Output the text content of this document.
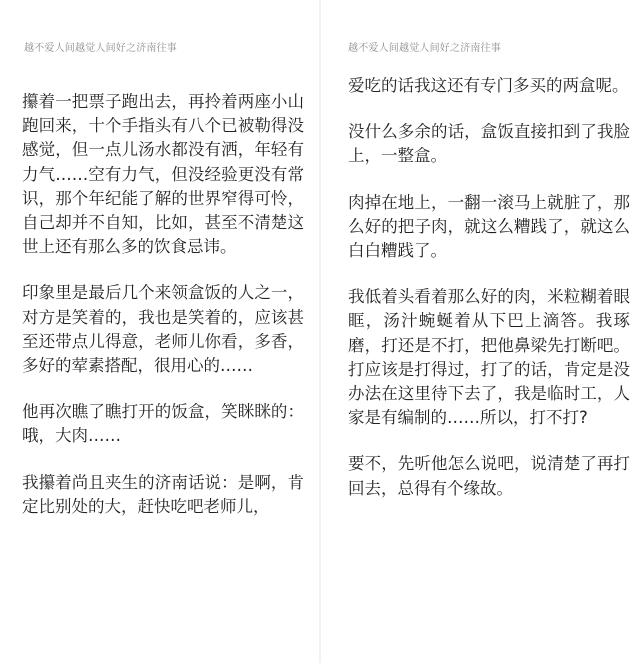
越不爱人间越觉人间好之济南往事

攥着一把票子跑出去，再拎着两座小山跑回来，十个手指头有八个已被勒得没感觉，但一点儿汤水都没有洒，年轻有力气……空有力气，但没经验更没有常识，那个年纪能了解的世界窄得可怜，自己却并不自知，比如，甚至不清楚这世上还有那么多的饮食忌讳。

印象里是最后几个来领盒饭的人之一，对方是笑着的，我也是笑着的，应该甚至还带点儿得意，老师儿你看，多香，多好的荤素搭配，很用心的……

他再次瞧了瞧打开的饭盒，笑眯眯的：哦，大肉……

我攥着尚且夹生的济南话说：是啊，肯定比别处的大，赶快吃吧老师儿，

越不爱人间越觉人间好之济南往事

爱吃的话我这还有专门多买的两盒呢。

没什么多余的话，盒饭直接扣到了我脸上，一整盒。

肉掉在地上，一翻一滚马上就脏了，那么好的把子肉，就这么糟践了，就这么白白糟践了。

我低着头看着那么好的肉，米粒糊着眼眶，汤汁蜿蜒着从下巴上滴答。我琢磨，打还是不打，把他鼻梁先打断吧。打应该是打得过，打了的话，肯定是没办法在这里待下去了，我是临时工，人家是有编制的……所以，打不打?

要不，先听他怎么说吧，说清楚了再打回去，总得有个缘故。
